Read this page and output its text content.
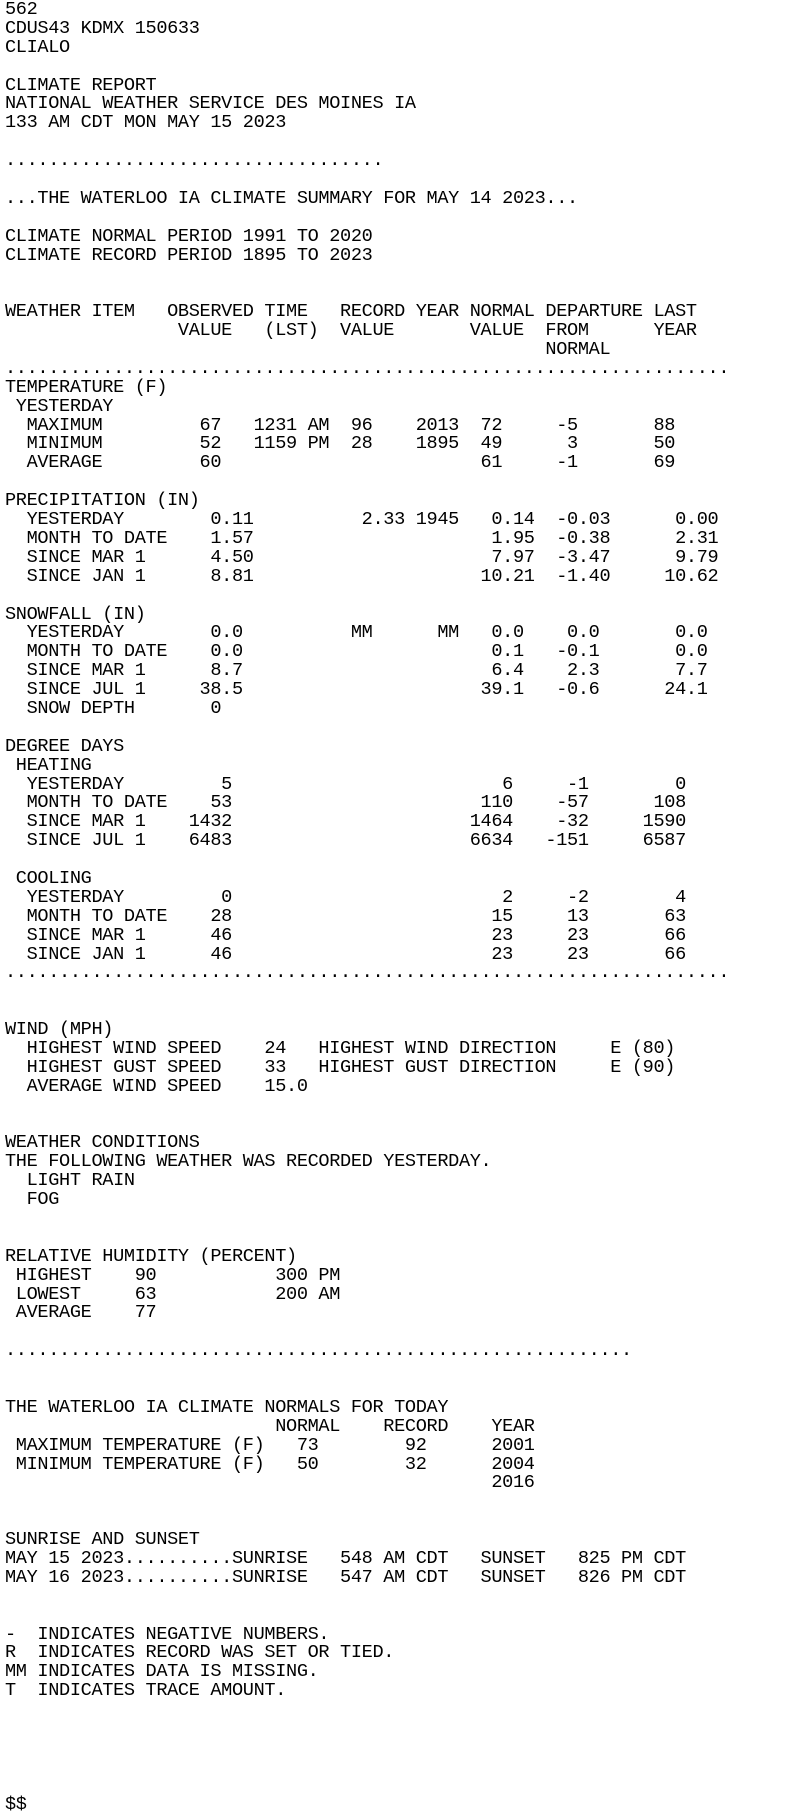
562
CDUS43 KDMX 150633
CLIALO
CLIMATE REPORT
NATIONAL WEATHER SERVICE DES MOINES IA
133 AM CDT MON MAY 15 2023
...................................
...THE WATERLOO IA CLIMATE SUMMARY FOR MAY 14 2023...
CLIMATE NORMAL PERIOD 1991 TO 2020
CLIMATE RECORD PERIOD 1895 TO 2023
WEATHER ITEM   OBSERVED TIME   RECORD YEAR NORMAL DEPARTURE LAST
VALUE   (LST)  VALUE       VALUE  FROM      YEAR
NORMAL
...................................................................
TEMPERATURE (F)
YESTERDAY
MAXIMUM         67   1231 AM  96    2013  72     -5       88
MINIMUM         52   1159 PM  28    1895  49      3       50
AVERAGE         60                        61     -1       69
PRECIPITATION (IN)
YESTERDAY        0.11          2.33 1945   0.14  -0.03      0.00
MONTH TO DATE    1.57                      1.95  -0.38      2.31
SINCE MAR 1      4.50                      7.97  -3.47      9.79
SINCE JAN 1      8.81                     10.21  -1.40     10.62
SNOWFALL (IN)
YESTERDAY        0.0          MM      MM   0.0    0.0       0.0
MONTH TO DATE    0.0                       0.1   -0.1       0.0
SINCE MAR 1      8.7                       6.4    2.3       7.7
SINCE JUL 1     38.5                      39.1   -0.6      24.1
SNOW DEPTH       0
DEGREE DAYS
HEATING
YESTERDAY         5                         6     -1        0
MONTH TO DATE    53                       110    -57      108
SINCE MAR 1    1432                      1464    -32     1590
SINCE JUL 1    6483                      6634   -151     6587
COOLING
YESTERDAY         0                         2     -2        4
MONTH TO DATE    28                        15     13       63
SINCE MAR 1      46                        23     23       66
SINCE JAN 1      46                        23     23       66
...................................................................
WIND (MPH)
HIGHEST WIND SPEED    24   HIGHEST WIND DIRECTION     E (80)
HIGHEST GUST SPEED    33   HIGHEST GUST DIRECTION     E (90)
AVERAGE WIND SPEED    15.0
WEATHER CONDITIONS
THE FOLLOWING WEATHER WAS RECORDED YESTERDAY.
LIGHT RAIN
FOG
RELATIVE HUMIDITY (PERCENT)
HIGHEST    90           300 PM
LOWEST     63           200 AM
AVERAGE    77
..........................................................
THE WATERLOO IA CLIMATE NORMALS FOR TODAY
NORMAL    RECORD    YEAR
MAXIMUM TEMPERATURE (F)   73        92      2001
MINIMUM TEMPERATURE (F)   50        32      2004
2016
SUNRISE AND SUNSET
MAY 15 2023..........SUNRISE   548 AM CDT   SUNSET   825 PM CDT
MAY 16 2023..........SUNRISE   547 AM CDT   SUNSET   826 PM CDT
-  INDICATES NEGATIVE NUMBERS.
R  INDICATES RECORD WAS SET OR TIED.
MM INDICATES DATA IS MISSING.
T  INDICATES TRACE AMOUNT.
$$
